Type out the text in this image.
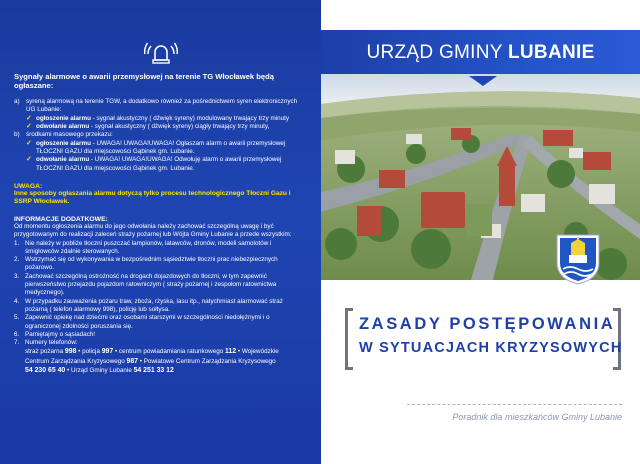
Sygnały alarmowe o awarii przemysłowej na terenie TG Włocławek będą ogłaszane:

a)	syreną alarmową na terenie TGW, a dodatkowo również za pośrednictwem syren elektronicznych UG Lubanie:
✓ ogłoszenie alarmu - sygnał akustyczny ( dźwięk syreny) modulowany trwający trzy minuty
✓ odwołanie alarmu - sygnał akustyczny ( dźwięk syreny) ciągły trwający trzy minuty,
b)	środkami masowego przekazu:
✓ ogłoszenie alarmu - UWAGA! UWAGA!UWAGA! Ogłaszam alarm o awarii przemysłowej TŁOCZNI GAZU dla miejscowości Gąbinek gm. Lubanie.
✓ odwołanie alarmu - UWAGA! UWAGA!UWAGA! Odwołuję alarm o awarii przemysłowej TŁOCZNI GAZU dla miejscowości Gąbinek gm. Lubanie.

UWAGA:

Inne sposoby ogłaszania alarmu dotyczą tylko procesu technologicznego Tłoczni Gazu i SSRP Włocławek.

INFORMACJE DODATKOWE:

Od momentu ogłoszenia alarmu do jego odwołania należy zachować szczególną uwagę i być przygotowanym do realizacji zaleceń straży pożarnej lub Wójta Gminy Lubanie a przede wszystkim:

1. Nie należy w pobliże tłoczni puszczać lampionów, latawców, dronów, modeli samolotów i śmigłowców zdalnie sterowanych.
2. Wstrzymać się od wykonywania w bezpośrednim sąsiedztwie tłoczni prac niebezpiecznych pożarowo.
3. Zachować szczególną ostrożność na drogach dojazdowych do tłoczni, w tym zapewnić pierwszeństwo przejazdu pojazdom ratowniczym ( straży pożarnej i zespołom ratownictwa medycznego).
4. W przypadku zauważenia pożaru traw, zboża, rżyska, lasu itp., natychmiast alarmować straż pożarną ( telefon alarmowy 998), policję lub sołtysa.
5. Zapewnić opiekę nad dziećmi oraz osobami starszymi w szczególności niedołężnymi i o ograniczonej zdolności poruszania się.
6. Pamiętajmy o sąsiadach!
7. Numery telefonów:

straż pożarna 998 • policja 997 • centrum powiadamiania ratunkowego 112 • Wojewódzkie

Centrum Zarządzania Kryzysowego 987 • Powiatowe Centrum Zarządzania Kryzysowego

54 230 65 40 • Urząd Gminy Lubanie 54 251 33 12

URZĄD GMINY LUBANIE
ZASADY POSTĘPOWANIA
W SYTUACJACH KRYZYSOWYCH

Poradnik dla mieszkańców Gminy Lubanie
